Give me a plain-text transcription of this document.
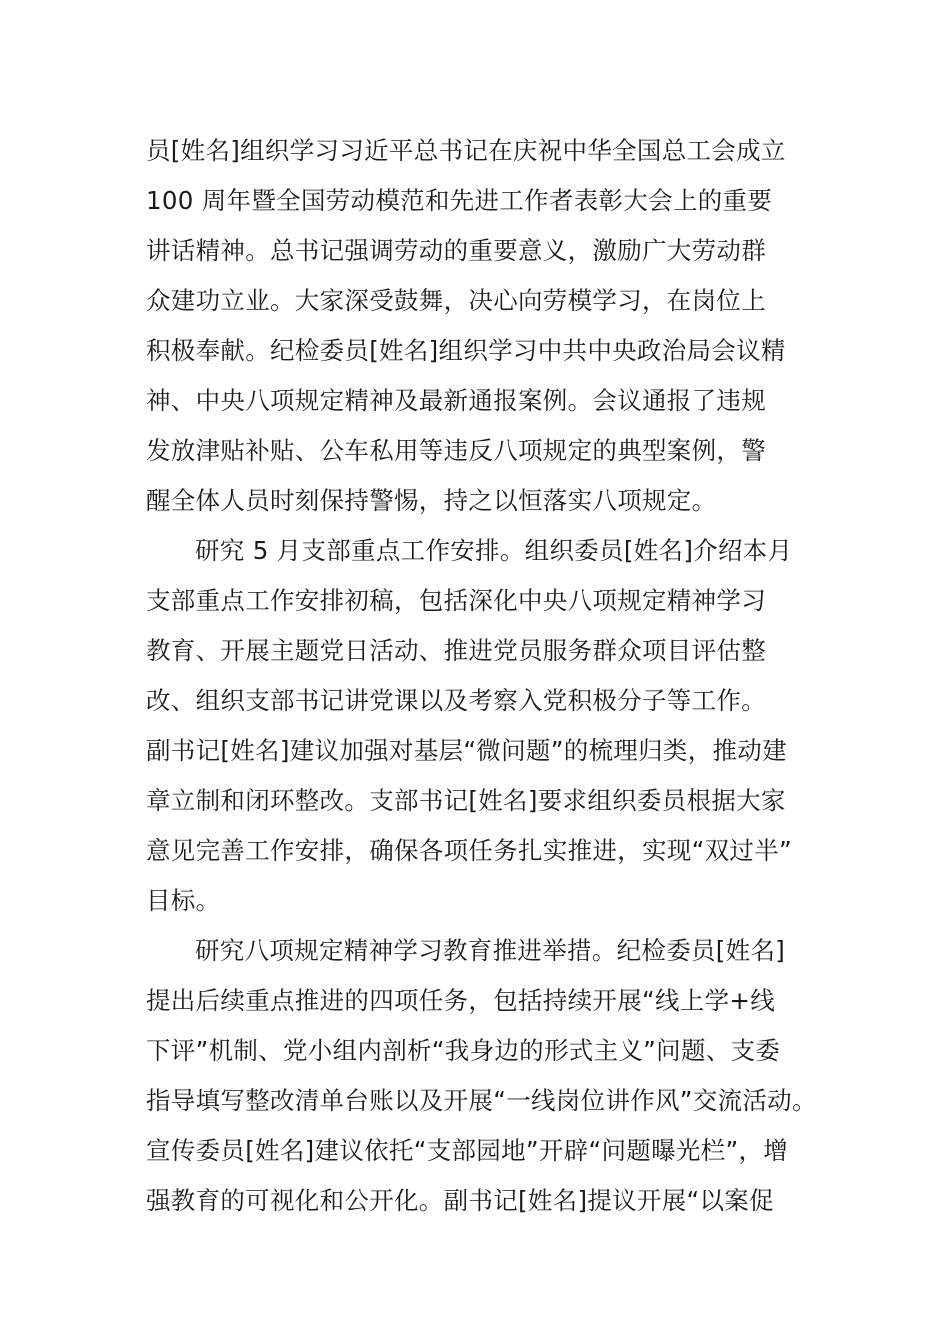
员[姓名]组织学习习近平总书记在庆祝中华全国总工会成立
100 周年暨全国劳动模范和先进工作者表彰大会上的重要
讲话精神。总书记强调劳动的重要意义，激励广大劳动群
众建功立业。大家深受鼓舞，决心向劳模学习，在岗位上
积极奉献。纪检委员[姓名]组织学习中共中央政治局会议精
神、中央八项规定精神及最新通报案例。会议通报了违规
发放津贴补贴、公车私用等违反八项规定的典型案例，警
醒全体人员时刻保持警惕，持之以恒落实八项规定。
研究 5 月支部重点工作安排。组织委员[姓名]介绍本月
支部重点工作安排初稿，包括深化中央八项规定精神学习
教育、开展主题党日活动、推进党员服务群众项目评估整
改、组织支部书记讲党课以及考察入党积极分子等工作。
副书记[姓名]建议加强对基层“微问题”的梳理归类，推动建
章立制和闭环整改。支部书记[姓名]要求组织委员根据大家
意见完善工作安排，确保各项任务扎实推进，实现“双过半”
目标。
研究八项规定精神学习教育推进举措。纪检委员[姓名]
提出后续重点推进的四项任务，包括持续开展“线上学+线
下评”机制、党小组内剖析“我身边的形式主义”问题、支委
指导填写整改清单台账以及开展“一线岗位讲作风”交流活动。
宣传委员[姓名]建议依托“支部园地”开辟“问题曝光栏”，增
强教育的可视化和公开化。副书记[姓名]提议开展“以案促
